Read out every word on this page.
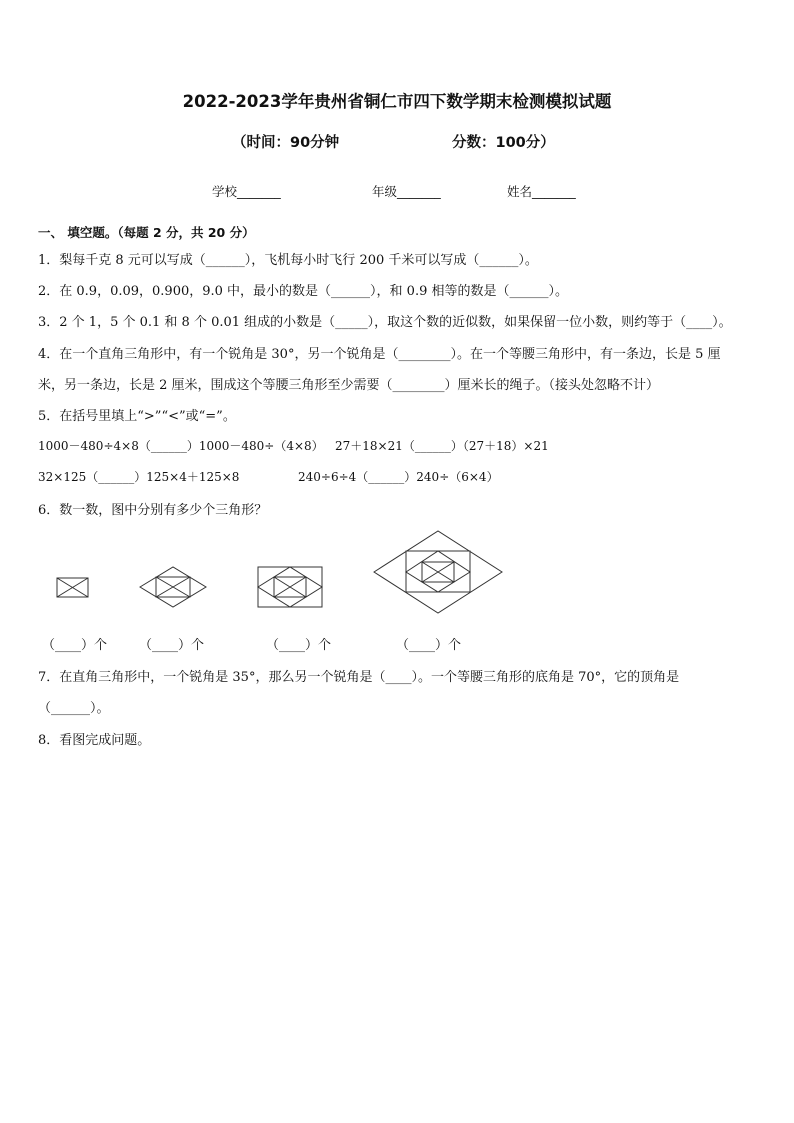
2022-2023学年贵州省铜仁市四下数学期末检测模拟试题
（时间：90分钟	分数：100分）
学校_______	年级_______	姓名_______
一、 填空题。（每题 2 分，共 20 分）
1．梨每千克 8 元可以写成（______），飞机每小时飞行 200 千米可以写成（______）。
2．在 0.9，0.09，0.900，9.0 中，最小的数是（______），和 0.9 相等的数是（______）。
3．2 个 1，5 个 0.1 和 8 个 0.01 组成的小数是（_____），取这个数的近似数，如果保留一位小数，则约等于（____）。
4．在一个直角三角形中，有一个锐角是 30°，另一个锐角是（________）。在一个等腰三角形中，有一条边，长是 5 厘
米，另一条边，长是 2 厘米，围成这个等腰三角形至少需要（________）厘米长的绳子。（接头处忽略不计）
5．在括号里填上“>”“<”或“=”。
1000－480÷4×8（______）1000－480÷（4×8） 27＋18×21（______）（27＋18）×21
32×125（______）125×4＋125×8	240÷6÷4（______）240÷（6×4）
6．数一数，图中分别有多少个三角形？
（____）个 （____）个	（____）个	（____）个
7．在直角三角形中，一个锐角是 35°，那么另一个锐角是（____）。一个等腰三角形的底角是 70°，它的顶角是
（______）。
8．看图完成问题。
